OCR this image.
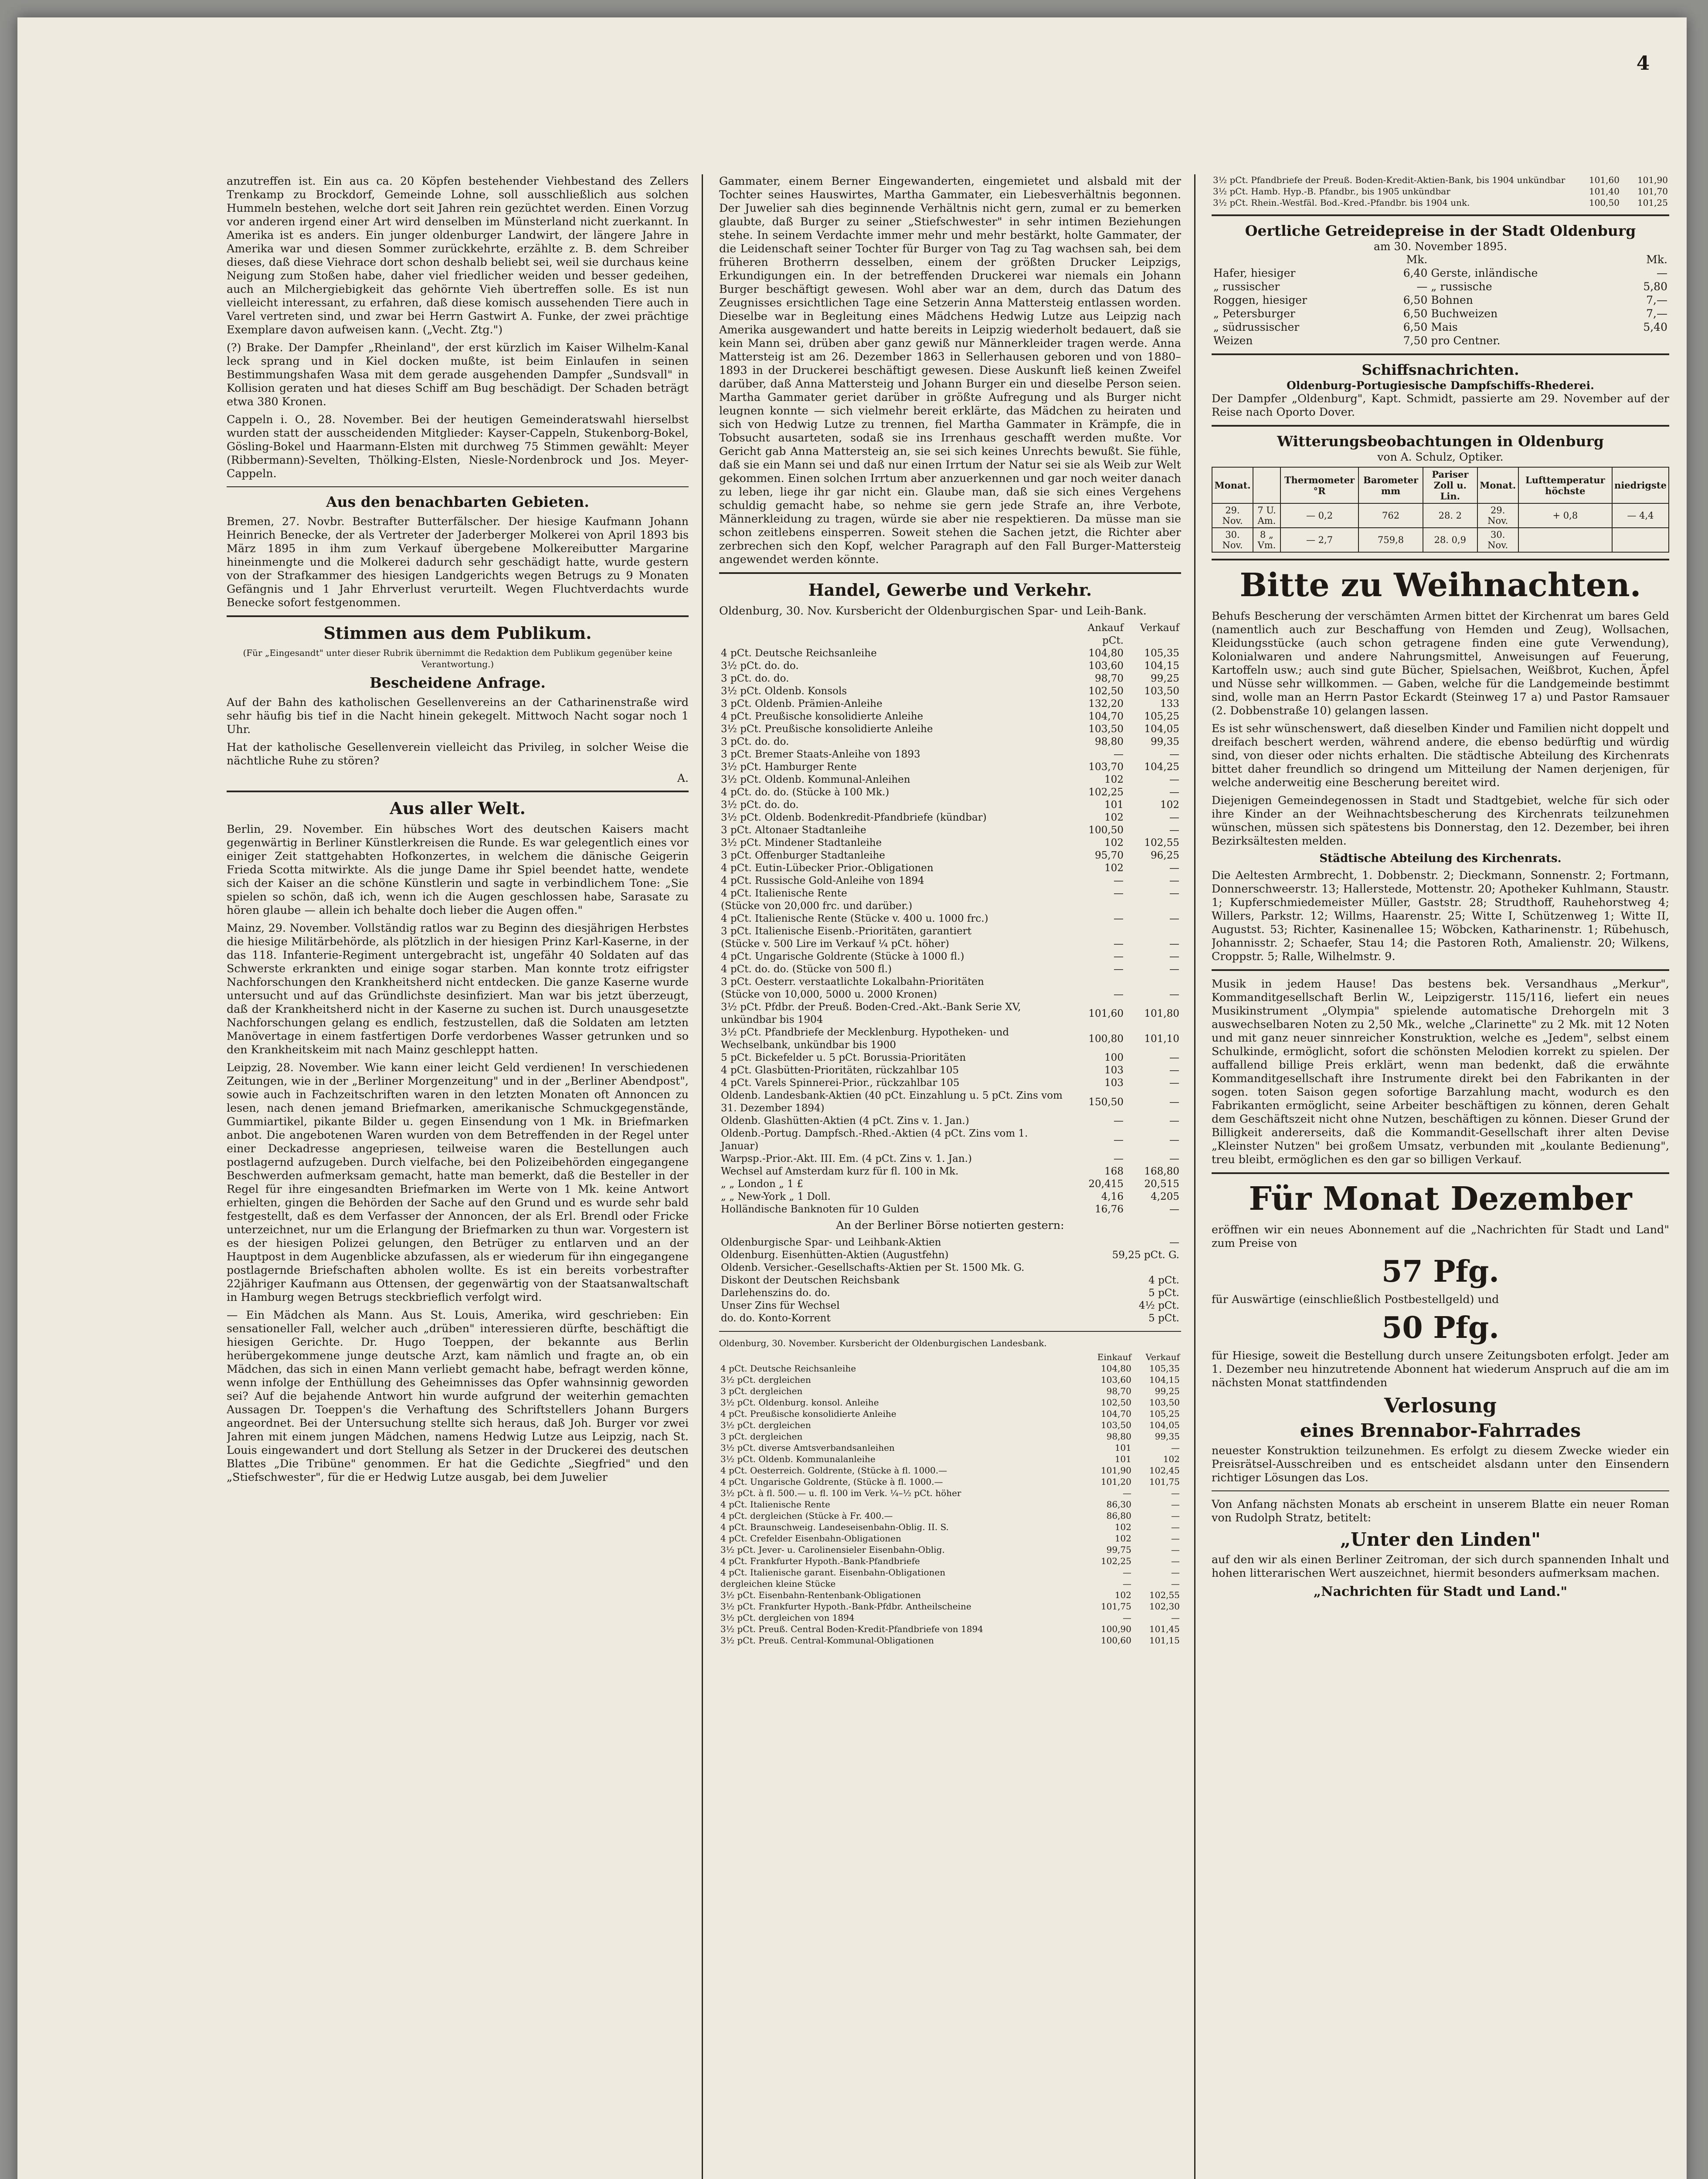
4

anzutreffen ist. Ein aus ca. 20 Köpfen bestehender Viehbestand des Zellers Trenkamp zu Brockdorf, Gemeinde Lohne, soll ausschließlich aus solchen Hummeln bestehen, welche dort seit Jahren rein gezüchtet werden. Einen Vorzug vor anderen irgend einer Art wird denselben im Münsterland nicht zuerkannt. In Amerika ist es anders. Ein junger oldenburger Landwirt, der längere Jahre in Amerika war und diesen Sommer zurückkehrte, erzählte z. B. dem Schreiber dieses, daß diese Viehrace dort schon deshalb beliebt sei, weil sie durchaus keine Neigung zum Stoßen habe, daher viel friedlicher weiden und besser gedeihen, auch an Milchergiebigkeit das gehörnte Vieh übertreffen solle. Es ist nun vielleicht interessant, zu erfahren, daß diese komisch aussehenden Tiere auch in Varel vertreten sind, und zwar bei Herrn Gastwirt A. Funke, der zwei prächtige Exemplare davon aufweisen kann. („Vecht. Ztg.")

(?) Brake. Der Dampfer „Rheinland", der erst kürzlich im Kaiser Wilhelm-Kanal leck sprang und in Kiel docken mußte, ist beim Einlaufen in seinen Bestimmungshafen Wasa mit dem gerade ausgehenden Dampfer „Sundsvall" in Kollision geraten und hat dieses Schiff am Bug beschädigt. Der Schaden beträgt etwa 380 Kronen.

Cappeln i. O., 28. November. Bei der heutigen Gemeinderatswahl hierselbst wurden statt der ausscheidenden Mitglieder: Kayser-Cappeln, Stukenborg-Bokel, Gösling-Bokel und Haarmann-Elsten mit durchweg 75 Stimmen gewählt: Meyer (Ribbermann)-Sevelten, Thölking-Elsten, Niesle-Nordenbrock und Jos. Meyer-Cappeln.

Aus den benachbarten Gebieten.

Bremen, 27. Novbr. Bestrafter Butterfälscher. Der hiesige Kaufmann Johann Heinrich Benecke, der als Vertreter der Jaderberger Molkerei von April 1893 bis März 1895 in ihm zum Verkauf übergebene Molkereibutter Margarine hineinmengte und die Molkerei dadurch sehr geschädigt hatte, wurde gestern von der Strafkammer des hiesigen Landgerichts wegen Betrugs zu 9 Monaten Gefängnis und 1 Jahr Ehrverlust verurteilt. Wegen Fluchtverdachts wurde Benecke sofort festgenommen.

Stimmen aus dem Publikum.
(Für „Eingesandt" unter dieser Rubrik übernimmt die Redaktion dem Publikum gegenüber keine Verantwortung.)
Bescheidene Anfrage.

Auf der Bahn des katholischen Gesellenvereins an der Catharinenstraße wird sehr häufig bis tief in die Nacht hinein gekegelt. Mittwoch Nacht sogar noch 1 Uhr.

Hat der katholische Gesellenverein vielleicht das Privileg, in solcher Weise die nächtliche Ruhe zu stören?

A.
Aus aller Welt.

Berlin, 29. November. Ein hübsches Wort des deutschen Kaisers macht gegenwärtig in Berliner Künstlerkreisen die Runde. Es war gelegentlich eines vor einiger Zeit stattgehabten Hofkonzertes, in welchem die dänische Geigerin Frieda Scotta mitwirkte. Als die junge Dame ihr Spiel beendet hatte, wendete sich der Kaiser an die schöne Künstlerin und sagte in verbindlichem Tone: „Sie spielen so schön, daß ich, wenn ich die Augen geschlossen habe, Sarasate zu hören glaube — allein ich behalte doch lieber die Augen offen."

Mainz, 29. November. Vollständig ratlos war zu Beginn des diesjährigen Herbstes die hiesige Militärbehörde, als plötzlich in der hiesigen Prinz Karl-Kaserne, in der das 118. Infanterie-Regiment untergebracht ist, ungefähr 40 Soldaten auf das Schwerste erkrankten und einige sogar starben. Man konnte trotz eifrigster Nachforschungen den Krankheitsherd nicht entdecken. Die ganze Kaserne wurde untersucht und auf das Gründlichste desinfiziert. Man war bis jetzt überzeugt, daß der Krankheitsherd nicht in der Kaserne zu suchen ist. Durch unausgesetzte Nachforschungen gelang es endlich, festzustellen, daß die Soldaten am letzten Manövertage in einem fastfertigen Dorfe verdorbenes Wasser getrunken und so den Krankheitskeim mit nach Mainz geschleppt hatten.

Leipzig, 28. November. Wie kann einer leicht Geld verdienen! In verschiedenen Zeitungen, wie in der „Berliner Morgenzeitung" und in der „Berliner Abendpost", sowie auch in Fachzeitschriften waren in den letzten Monaten oft Annoncen zu lesen, nach denen jemand Briefmarken, amerikanische Schmuckgegenstände, Gummiartikel, pikante Bilder u. gegen Einsendung von 1 Mk. in Briefmarken anbot. Die angebotenen Waren wurden von dem Betreffenden in der Regel unter einer Deckadresse angepriesen, teilweise waren die Bestellungen auch postlagernd aufzugeben. Durch vielfache, bei den Polizeibehörden eingegangene Beschwerden aufmerksam gemacht, hatte man bemerkt, daß die Besteller in der Regel für ihre eingesandten Briefmarken im Werte von 1 Mk. keine Antwort erhielten, gingen die Behörden der Sache auf den Grund und es wurde sehr bald festgestellt, daß es dem Verfasser der Annoncen, der als Erl. Brendl oder Fricke unterzeichnet, nur um die Erlangung der Briefmarken zu thun war. Vorgestern ist es der hiesigen Polizei gelungen, den Betrüger zu entlarven und an der Hauptpost in dem Augenblicke abzufassen, als er wiederum für ihn eingegangene postlagernde Briefschaften abholen wollte. Es ist ein bereits vorbestrafter 22jähriger Kaufmann aus Ottensen, der gegenwärtig von der Staatsanwaltschaft in Hamburg wegen Betrugs steckbrieflich verfolgt wird.

— Ein Mädchen als Mann. Aus St. Louis, Amerika, wird geschrieben: Ein sensationeller Fall, welcher auch „drüben" interessieren dürfte, beschäftigt die hiesigen Gerichte. Dr. Hugo Toeppen, der bekannte aus Berlin herübergekommene junge deutsche Arzt, kam nämlich und fragte an, ob ein Mädchen, das sich in einen Mann verliebt gemacht habe, befragt werden könne, wenn infolge der Enthüllung des Geheimnisses das Opfer wahnsinnig geworden sei? Auf die bejahende Antwort hin wurde aufgrund der weiterhin gemachten Aussagen Dr. Toeppen's die Verhaftung des Schriftstellers Johann Burgers angeordnet. Bei der Untersuchung stellte sich heraus, daß Joh. Burger vor zwei Jahren mit einem jungen Mädchen, namens Hedwig Lutze aus Leipzig, nach St. Louis eingewandert und dort Stellung als Setzer in der Druckerei des deutschen Blattes „Die Tribüne" genommen. Er hat die Gedichte „Siegfried" und den „Stiefschwester", für die er Hedwig Lutze ausgab, bei dem Juwelier

Gammater, einem Berner Eingewanderten, eingemietet und alsbald mit der Tochter seines Hauswirtes, Martha Gammater, ein Liebesverhältnis begonnen. Der Juwelier sah dies beginnende Verhältnis nicht gern, zumal er zu bemerken glaubte, daß Burger zu seiner „Stiefschwester" in sehr intimen Beziehungen stehe. In seinem Verdachte immer mehr und mehr bestärkt, holte Gammater, der die Leidenschaft seiner Tochter für Burger von Tag zu Tag wachsen sah, bei dem früheren Brotherrn desselben, einem der größten Drucker Leipzigs, Erkundigungen ein. In der betreffenden Druckerei war niemals ein Johann Burger beschäftigt gewesen. Wohl aber war an dem, durch das Datum des Zeugnisses ersichtlichen Tage eine Setzerin Anna Mattersteig entlassen worden. Dieselbe war in Begleitung eines Mädchens Hedwig Lutze aus Leipzig nach Amerika ausgewandert und hatte bereits in Leipzig wiederholt bedauert, daß sie kein Mann sei, drüben aber ganz gewiß nur Männerkleider tragen werde. Anna Mattersteig ist am 26. Dezember 1863 in Sellerhausen geboren und von 1880–1893 in der Druckerei beschäftigt gewesen. Diese Auskunft ließ keinen Zweifel darüber, daß Anna Mattersteig und Johann Burger ein und dieselbe Person seien. Martha Gammater geriet darüber in größte Aufregung und als Burger nicht leugnen konnte — sich vielmehr bereit erklärte, das Mädchen zu heiraten und sich von Hedwig Lutze zu trennen, fiel Martha Gammater in Krämpfe, die in Tobsucht ausarteten, sodaß sie ins Irrenhaus geschafft werden mußte. Vor Gericht gab Anna Mattersteig an, sie sei sich keines Unrechts bewußt. Sie fühle, daß sie ein Mann sei und daß nur einen Irrtum der Natur sei sie als Weib zur Welt gekommen. Einen solchen Irrtum aber anzuerkennen und gar noch weiter danach zu leben, liege ihr gar nicht ein. Glaube man, daß sie sich eines Vergehens schuldig gemacht habe, so nehme sie gern jede Strafe an, ihre Verbote, Männerkleidung zu tragen, würde sie aber nie respektieren. Da müsse man sie schon zeitlebens einsperren. Soweit stehen die Sachen jetzt, die Richter aber zerbrechen sich den Kopf, welcher Paragraph auf den Fall Burger-Mattersteig angewendet werden könnte.

Handel, Gewerbe und Verkehr.

Oldenburg, 30. Nov. Kursbericht der Oldenburgischen Spar- und Leih-Bank.

	Ankauf	Verkauf
	pCt.	
4 pCt. Deutsche Reichsanleihe	104,80	105,35
3½ pCt. do. do.	103,60	104,15
3 pCt. do. do.	98,70	99,25
3½ pCt. Oldenb. Konsols	102,50	103,50
3 pCt. Oldenb. Prämien-Anleihe	132,20	133
4 pCt. Preußische konsolidierte Anleihe	104,70	105,25
3½ pCt. Preußische konsolidierte Anleihe	103,50	104,05
3 pCt. do. do.	98,80	99,35
3 pCt. Bremer Staats-Anleihe von 1893	—	—
3½ pCt. Hamburger Rente	103,70	104,25
3½ pCt. Oldenb. Kommunal-Anleihen	102	—
4 pCt. do. do. (Stücke à 100 Mk.)	102,25	—
3½ pCt. do. do.	101	102
3½ pCt. Oldenb. Bodenkredit-Pfandbriefe (kündbar)	102	—
3 pCt. Altonaer Stadtanleihe	100,50	—
3½ pCt. Mindener Stadtanleihe	102	102,55
3 pCt. Offenburger Stadtanleihe	95,70	96,25
4 pCt. Eutin-Lübecker Prior.-Obligationen	102	—
4 pCt. Russische Gold-Anleihe von 1894	—	—
4 pCt. Italienische Rente	—	—
(Stücke von 20,000 frc. und darüber.)		
4 pCt. Italienische Rente (Stücke v. 400 u. 1000 frc.)	—	—
3 pCt. Italienische Eisenb.-Prioritäten, garantiert		
(Stücke v. 500 Lire im Verkauf ¼ pCt. höher)	—	—
4 pCt. Ungarische Goldrente (Stücke à 1000 fl.)	—	—
4 pCt. do. do. (Stücke von 500 fl.)	—	—
3 pCt. Oesterr. verstaatlichte Lokalbahn-Prioritäten		
(Stücke von 10,000, 5000 u. 2000 Kronen)	—	—
3½ pCt. Pfdbr. der Preuß. Boden-Cred.-Akt.-Bank Serie XV, unkündbar bis 1904	101,60	101,80
3½ pCt. Pfandbriefe der Mecklenburg. Hypotheken- und Wechselbank, unkündbar bis 1900	100,80	101,10
5 pCt. Bickefelder u. 5 pCt. Borussia-Prioritäten	100	—
4 pCt. Glasbütten-Prioritäten, rückzahlbar 105	103	—
4 pCt. Varels Spinnerei-Prior., rückzahlbar 105	103	—
Oldenb. Landesbank-Aktien (40 pCt. Einzahlung u. 5 pCt. Zins vom 31. Dezember 1894)	150,50	—
Oldenb. Glashütten-Aktien (4 pCt. Zins v. 1. Jan.)	—	—
Oldenb.-Portug. Dampfsch.-Rhed.-Aktien (4 pCt. Zins vom 1. Januar)	—	—
Warpsp.-Prior.-Akt. III. Em. (4 pCt. Zins v. 1. Jan.)	—	—
Wechsel auf Amsterdam kurz für fl. 100 in Mk.	168	168,80
„ „ London „ 1 £	20,415	20,515
„ „ New-York „ 1 Doll.	4,16	4,205
Holländische Banknoten für 10 Gulden	16,76	—

An der Berliner Börse notierten gestern:

Oldenburgische Spar- und Leihbank-Aktien	—
Oldenburg. Eisenhütten-Aktien (Augustfehn)	59,25 pCt. G.
Oldenb. Versicher.-Gesellschafts-Aktien per St. 1500 Mk. G.	
Diskont der Deutschen Reichsbank	4 pCt.
Darlehenszins do. do.	5 pCt.
Unser Zins für Wechsel	4½ pCt.
do. do. Konto-Korrent	5 pCt.

Oldenburg, 30. November. Kursbericht der Oldenburgischen Landesbank.

	Einkauf	Verkauf
4 pCt. Deutsche Reichsanleihe	104,80	105,35
3½ pCt. dergleichen	103,60	104,15
3 pCt. dergleichen	98,70	99,25
3½ pCt. Oldenburg. konsol. Anleihe	102,50	103,50
4 pCt. Preußische konsolidierte Anleihe	104,70	105,25
3½ pCt. dergleichen	103,50	104,05
3 pCt. dergleichen	98,80	99,35
3½ pCt. diverse Amtsverbandsanleihen	101	—
3½ pCt. Oldenb. Kommunalanleihe	101	102
4 pCt. Oesterreich. Goldrente, (Stücke à fl. 1000.—	101,90	102,45
4 pCt. Ungarische Goldrente, (Stücke à fl. 1000.—	101,20	101,75
3½ pCt. à fl. 500.— u. fl. 100 im Verk. ¼–½ pCt. höher	—	—
4 pCt. Italienische Rente	86,30	—
4 pCt. dergleichen (Stücke à Fr. 400.—	86,80	—
4 pCt. Braunschweig. Landeseisenbahn-Oblig. II. S.	102	—
4 pCt. Crefelder Eisenbahn-Obligationen	102	—
3½ pCt. Jever- u. Carolinensieler Eisenbahn-Oblig.	99,75	—
4 pCt. Frankfurter Hypoth.-Bank-Pfandbriefe	102,25	—
4 pCt. Italienische garant. Eisenbahn-Obligationen	—	—
dergleichen kleine Stücke	—	—
3½ pCt. Eisenbahn-Rentenbank-Obligationen	102	102,55
3½ pCt. Frankfurter Hypoth.-Bank-Pfdbr. Antheilscheine	101,75	102,30
3½ pCt. dergleichen von 1894	—	—
3½ pCt. Preuß. Central Boden-Kredit-Pfandbriefe von 1894	100,90	101,45
3½ pCt. Preuß. Central-Kommunal-Obligationen	100,60	101,15
3½ pCt. Pfandbriefe der Preuß. Boden-Kredit-Aktien-Bank, bis 1904 unkündbar	101,60	101,90
3½ pCt. Hamb. Hyp.-B. Pfandbr., bis 1905 unkündbar	101,40	101,70
3½ pCt. Rhein.-Westfäl. Bod.-Kred.-Pfandbr. bis 1904 unk.	100,50	101,25
Oertliche Getreidepreise in der Stadt Oldenburg
am 30. November 1895.
	Mk.		Mk.
Hafer, hiesiger	6,40	Gerste, inländische	—
„ russischer	—	„ russische	5,80
Roggen, hiesiger	6,50	Bohnen	7,—
„ Petersburger	6,50	Buchweizen	7,—
„ südrussischer	6,50	Mais	5,40
Weizen	7,50	pro Centner.	
Schiffsnachrichten.
Oldenburg-Portugiesische Dampfschiffs-Rhederei.

Der Dampfer „Oldenburg", Kapt. Schmidt, passierte am 29. November auf der Reise nach Oporto Dover.

Witterungsbeobachtungen in Oldenburg
von A. Schulz, Optiker.
Monat.		Thermometer °R	Barometer mm	Pariser Zoll u. Lin.	Monat.	Lufttemperatur höchste	niedrigste
29. Nov.	7 U. Am.	— 0,2	762	28. 2	29. Nov.	+ 0,8	— 4,4
30. Nov.	8 „ Vm.	— 2,7	759,8	28. 0,9	30. Nov.		
Bitte zu Weihnachten.

Behufs Bescherung der verschämten Armen bittet der Kirchenrat um bares Geld (namentlich auch zur Beschaffung von Hemden und Zeug), Wollsachen, Kleidungsstücke (auch schon getragene finden eine gute Verwendung), Kolonialwaren und andere Nahrungsmittel, Anweisungen auf Feuerung, Kartoffeln usw.; auch sind gute Bücher, Spielsachen, Weißbrot, Kuchen, Äpfel und Nüsse sehr willkommen. — Gaben, welche für die Landgemeinde bestimmt sind, wolle man an Herrn Pastor Eckardt (Steinweg 17 a) und Pastor Ramsauer (2. Dobbenstraße 10) gelangen lassen.

Es ist sehr wünschenswert, daß dieselben Kinder und Familien nicht doppelt und dreifach beschert werden, während andere, die ebenso bedürftig und würdig sind, von dieser oder nichts erhalten. Die städtische Abteilung des Kirchenrats bittet daher freundlich so dringend um Mitteilung der Namen derjenigen, für welche anderweitig eine Bescherung bereitet wird.

Diejenigen Gemeindegenossen in Stadt und Stadtgebiet, welche für sich oder ihre Kinder an der Weihnachtsbescherung des Kirchenrats teilzunehmen wünschen, müssen sich spätestens bis Donnerstag, den 12. Dezember, bei ihren Bezirksältesten melden.

Städtische Abteilung des Kirchenrats.

Die Aeltesten Armbrecht, 1. Dobbenstr. 2; Dieckmann, Sonnenstr. 2; Fortmann, Donnerschweerstr. 13; Hallerstede, Mottenstr. 20; Apotheker Kuhlmann, Staustr. 1; Kupferschmiedemeister Müller, Gaststr. 28; Strudthoff, Rauhehorstweg 4; Willers, Parkstr. 12; Willms, Haarenstr. 25; Witte I, Schützenweg 1; Witte II, Augustst. 53; Richter, Kasinenallee 15; Wöbcken, Katharinenstr. 1; Rübehusch, Johannisstr. 2; Schaefer, Stau 14; die Pastoren Roth, Amalienstr. 20; Wilkens, Croppstr. 5; Ralle, Wilhelmstr. 9.

Musik in jedem Hause! Das bestens bek. Versandhaus „Merkur", Kommanditgesellschaft Berlin W., Leipzigerstr. 115/116, liefert ein neues Musikinstrument „Olympia" spielende automatische Drehorgeln mit 3 auswechselbaren Noten zu 2,50 Mk., welche „Clarinette" zu 2 Mk. mit 12 Noten und mit ganz neuer sinnreicher Konstruktion, welche es „Jedem", selbst einem Schulkinde, ermöglicht, sofort die schönsten Melodien korrekt zu spielen. Der auffallend billige Preis erklärt, wenn man bedenkt, daß die erwähnte Kommanditgesellschaft ihre Instrumente direkt bei den Fabrikanten in der sogen. toten Saison gegen sofortige Barzahlung macht, wodurch es den Fabrikanten ermöglicht, seine Arbeiter beschäftigen zu können, deren Gehalt dem Geschäftszeit nicht ohne Nutzen, beschäftigen zu können. Dieser Grund der Billigkeit andererseits, daß die Kommandit-Gesellschaft ihrer alten Devise „Kleinster Nutzen" bei großem Umsatz, verbunden mit „koulante Bedienung", treu bleibt, ermöglichen es den gar so billigen Verkauf.

Für Monat Dezember

eröffnen wir ein neues Abonnement auf die „Nachrichten für Stadt und Land" zum Preise von

57 Pfg.

für Auswärtige (einschließlich Postbestellgeld) und

50 Pfg.

für Hiesige, soweit die Bestellung durch unsere Zeitungsboten erfolgt. Jeder am 1. Dezember neu hinzutretende Abonnent hat wiederum Anspruch auf die am im nächsten Monat stattfindenden

Verlosung
eines Brennabor-Fahrrades

neuester Konstruktion teilzunehmen. Es erfolgt zu diesem Zwecke wieder ein Preisrätsel-Ausschreiben und es entscheidet alsdann unter den Einsendern richtiger Lösungen das Los.

Von Anfang nächsten Monats ab erscheint in unserem Blatte ein neuer Roman von Rudolph Stratz, betitelt:

„Unter den Linden"

auf den wir als einen Berliner Zeitroman, der sich durch spannenden Inhalt und hohen litterarischen Wert auszeichnet, hiermit besonders aufmerksam machen.

„Nachrichten für Stadt und Land."
